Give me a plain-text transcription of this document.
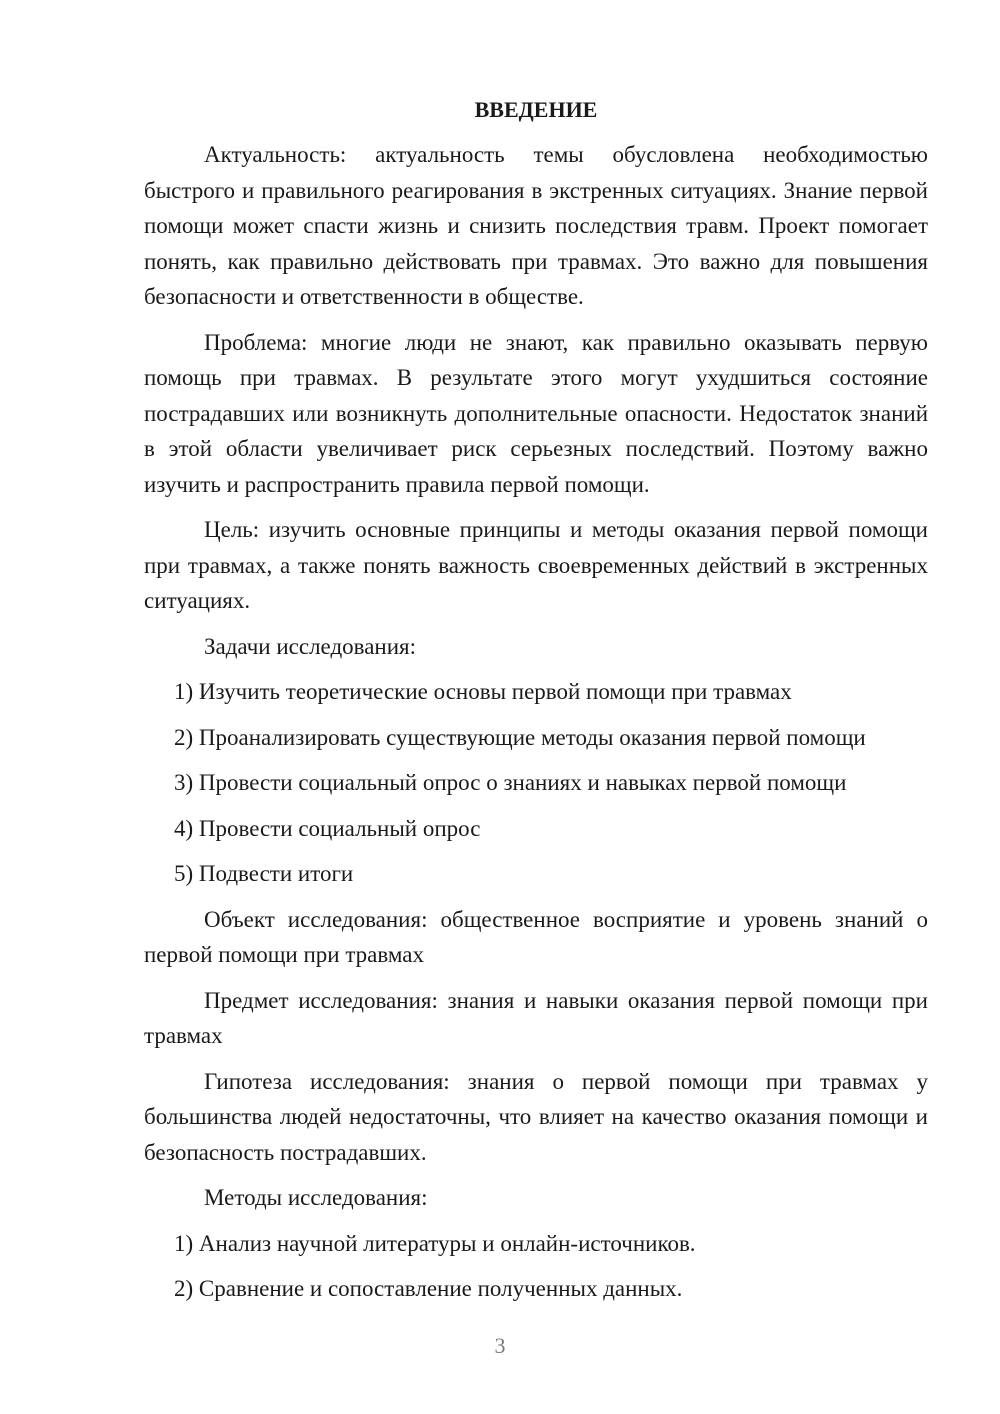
ВВЕДЕНИЕ

Актуальность: актуальность темы обусловлена необходимостью быстрого и правильного реагирования в экстренных ситуациях. Знание первой помощи может спасти жизнь и снизить последствия травм. Проект помогает понять, как правильно действовать при травмах. Это важно для повышения безопасности и ответственности в обществе.

Проблема: многие люди не знают, как правильно оказывать первую помощь при травмах. В результате этого могут ухудшиться состояние пострадавших или возникнуть дополнительные опасности. Недостаток знаний в этой области увеличивает риск серьезных последствий. Поэтому важно изучить и распространить правила первой помощи.

Цель: изучить основные принципы и методы оказания первой помощи при травмах, а также понять важность своевременных действий в экстренных ситуациях.

Задачи исследования:

1) Изучить теоретические основы первой помощи при травмах
2) Проанализировать существующие методы оказания первой помощи
3) Провести социальный опрос о знаниях и навыках первой помощи
4) Провести социальный опрос
5) Подвести итоги

Объект исследования: общественное восприятие и уровень знаний о первой помощи при травмах

Предмет исследования: знания и навыки оказания первой помощи при травмах

Гипотеза исследования: знания о первой помощи при травмах у большинства людей недостаточны, что влияет на качество оказания помощи и безопасность пострадавших.

Методы исследования:

1) Анализ научной литературы и онлайн-источников.
2) Сравнение и сопоставление полученных данных.
3
